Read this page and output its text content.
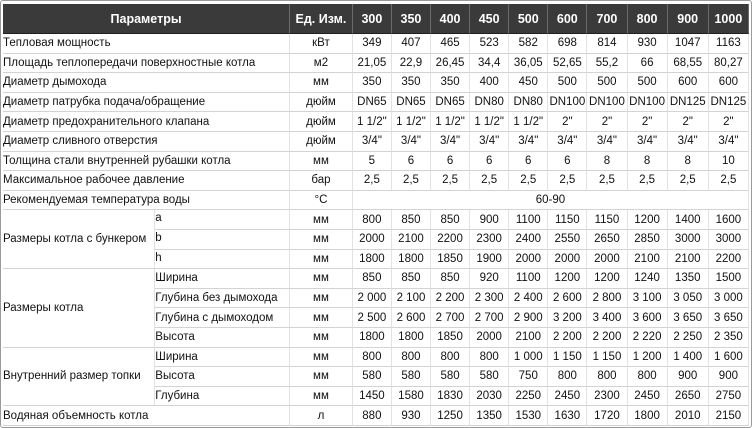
Параметры		Ед. Изм.	300	350	400	450	500	600	700	800	900	1000
Тепловая мощность		кВт	349	407	465	523	582	698	814	930	1047	1163
Площадь теплопередачи поверхностные котла		м2	21,05	22,9	26,45	34,4	36,05	52,65	55,2	66	68,55	80,27
Диаметр дымохода		мм	350	350	350	400	450	500	500	500	600	600
Диаметр патрубка подача/обращение		дюйм	DN65	DN65	DN65	DN80	DN80	DN100	DN100	DN100	DN125	DN125
Диаметр предохранительного клапана		дюйм	1 1/2"	1 1/2"	1 1/2"	1 1/2"	1 1/2"	2"	2"	2"	2"	2"
Диаметр сливного отверстия		дюйм	3/4"	3/4"	3/4"	3/4"	3/4"	3/4"	3/4"	3/4"	3/4"	3/4"
Толщина стали внутренней рубашки котла		мм	5	6	6	6	6	6	8	8	8	10
Максимальное рабочее давление		бар	2,5	2,5	2,5	2,5	2,5	2,5	2,5	2,5	2,5	2,5
Рекомендуемая температура воды		°C	60-90									
Размеры котла с бункером	a	мм	800	850	850	900	1100	1150	1150	1200	1400	1600
	b	мм	2000	2100	2200	2300	2400	2550	2650	2850	3000	3000
	h	мм	1800	1800	1850	1900	2000	2000	2000	2100	2100	2200
Размеры котла	Ширина	мм	850	850	850	920	1100	1200	1200	1240	1350	1500
	Глубина без дымохода	мм	2 000	2 100	2 200	2 300	2 400	2 600	2 800	3 100	3 050	3 000
	Глубина с дымоходом	мм	2 500	2 600	2 700	2 700	2 900	3 200	3 400	3 600	3 650	3 650
	Высота	мм	1800	1800	1850	2000	2100	2 200	2 200	2 220	2 250	2 350
Внутренний размер топки	Ширина	мм	800	800	800	800	1 000	1 150	1 150	1 200	1 400	1 600
	Высота	мм	580	580	580	580	750	800	800	800	900	900
	Глубина	мм	1450	1580	1830	2030	2250	2450	2300	2450	2650	2750
Водяная объемность котла		л	880	930	1250	1350	1530	1630	1720	1800	2010	2150
